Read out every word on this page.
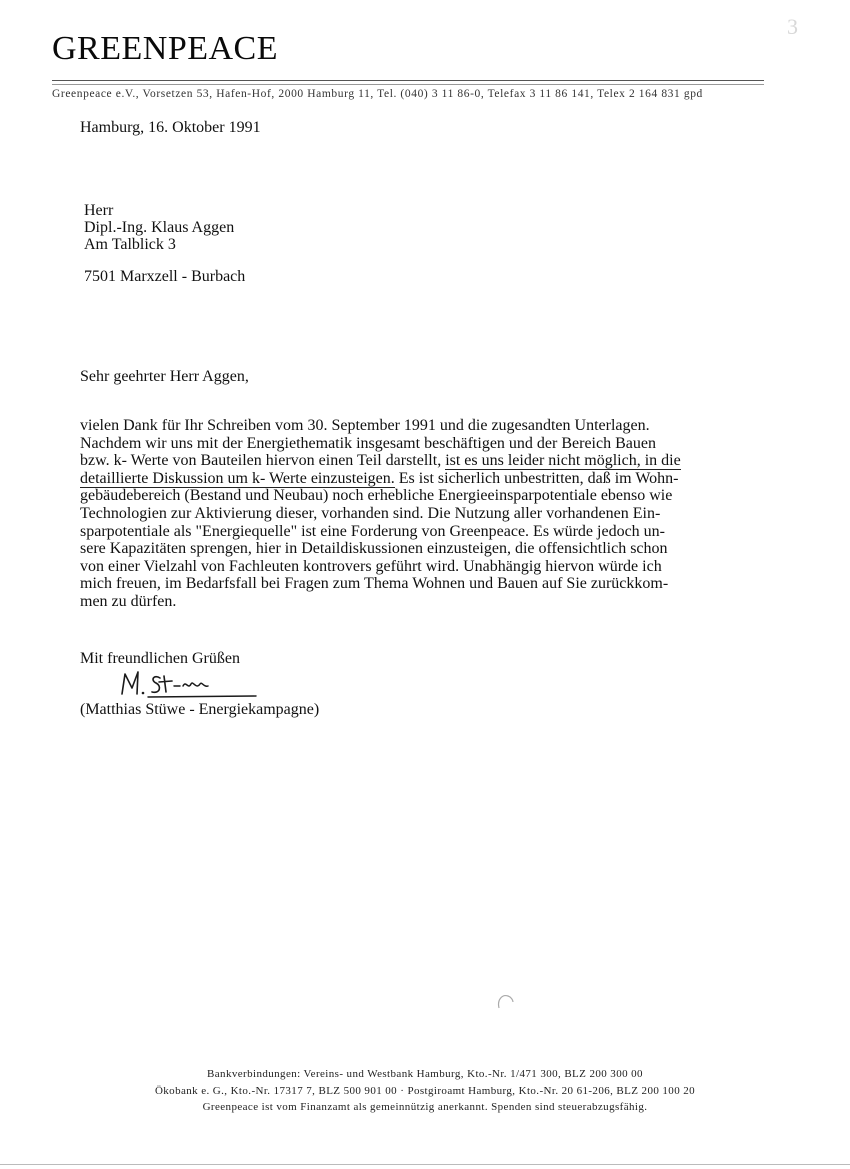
3
GREENPEACE
Greenpeace e.V., Vorsetzen 53, Hafen-Hof, 2000 Hamburg 11, Tel. (040) 3 11 86-0, Telefax 3 11 86 141, Telex 2 164 831 gpd
Hamburg, 16. Oktober 1991
Herr
Dipl.-Ing. Klaus Aggen
Am Talblick 3
7501 Marxzell - Burbach
Sehr geehrter Herr Aggen,
vielen Dank für Ihr Schreiben vom 30. September 1991 und die zugesandten Unterlagen.
Nachdem wir uns mit der Energiethematik insgesamt beschäftigen und der Bereich Bauen
bzw. k- Werte von Bauteilen hiervon einen Teil darstellt, ist es uns leider nicht möglich, in die
detaillierte Diskussion um k- Werte einzusteigen. Es ist sicherlich unbestritten, daß im Wohn-
gebäudebereich (Bestand und Neubau) noch erhebliche Energieeinsparpotentiale ebenso wie
Technologien zur Aktivierung dieser, vorhanden sind. Die Nutzung aller vorhandenen Ein-
sparpotentiale als "Energiequelle" ist eine Forderung von Greenpeace. Es würde jedoch un-
sere Kapazitäten sprengen, hier in Detaildiskussionen einzusteigen, die offensichtlich schon
von einer Vielzahl von Fachleuten kontrovers geführt wird. Unabhängig hiervon würde ich
mich freuen, im Bedarfsfall bei Fragen zum Thema Wohnen und Bauen auf Sie zurückkom-
men zu dürfen.
Mit freundlichen Grüßen
(Matthias Stüwe - Energiekampagne)
Bankverbindungen: Vereins- und Westbank Hamburg, Kto.-Nr. 1/471 300, BLZ 200 300 00
Ökobank e. G., Kto.-Nr. 17317 7, BLZ 500 901 00 · Postgiroamt Hamburg, Kto.-Nr. 20 61-206, BLZ 200 100 20
Greenpeace ist vom Finanzamt als gemeinnützig anerkannt. Spenden sind steuerabzugsfähig.
